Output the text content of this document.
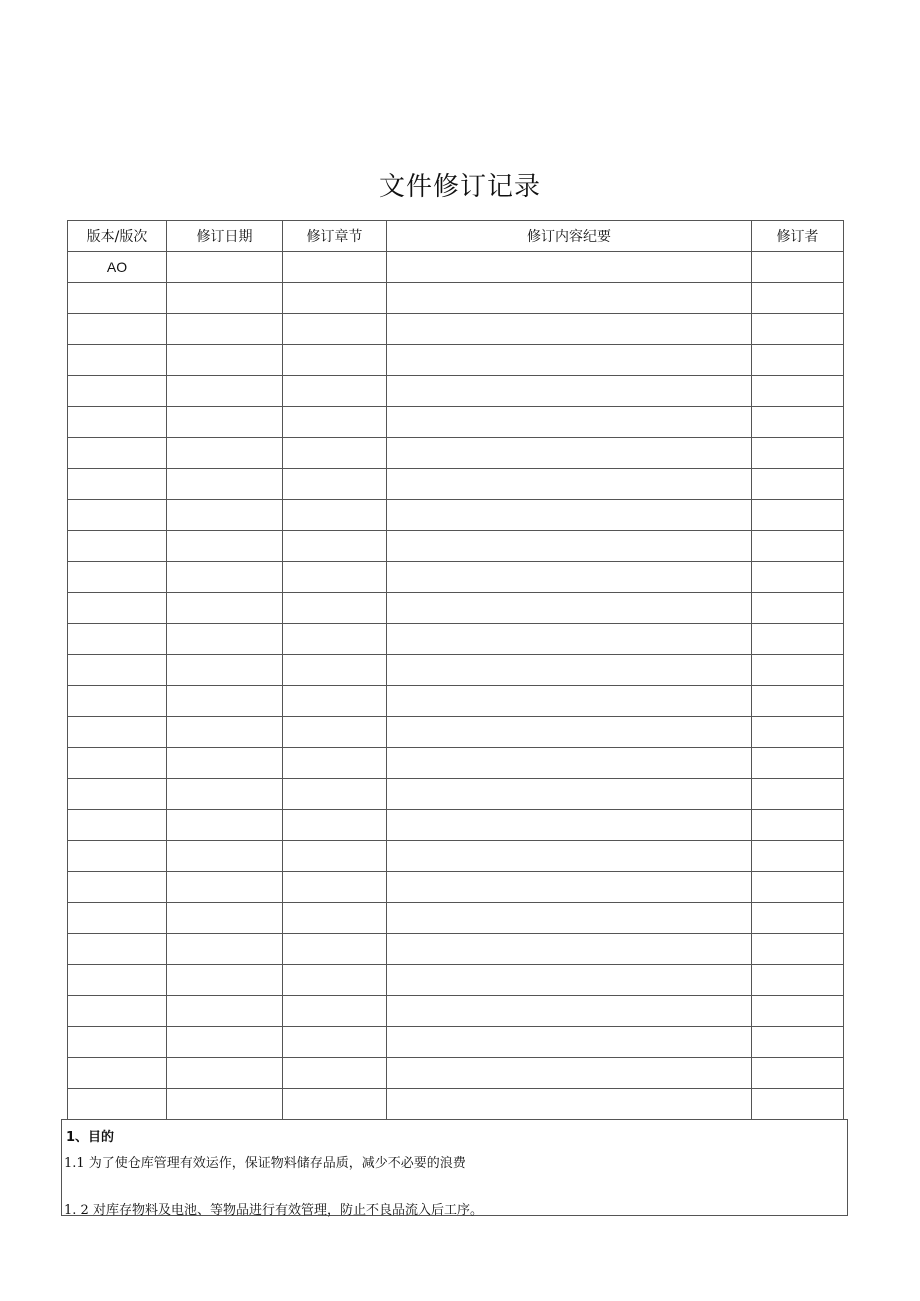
文件修订记录
版本/版次	修订日期	修订章节	修订内容纪要	修订者
AO				

1、目的
1.1 为了使仓库管理有效运作，保证物料储存品质，减少不必要的浪费
1. 2 对库存物料及电池、等物品进行有效管理，防止不良品流入后工序。
